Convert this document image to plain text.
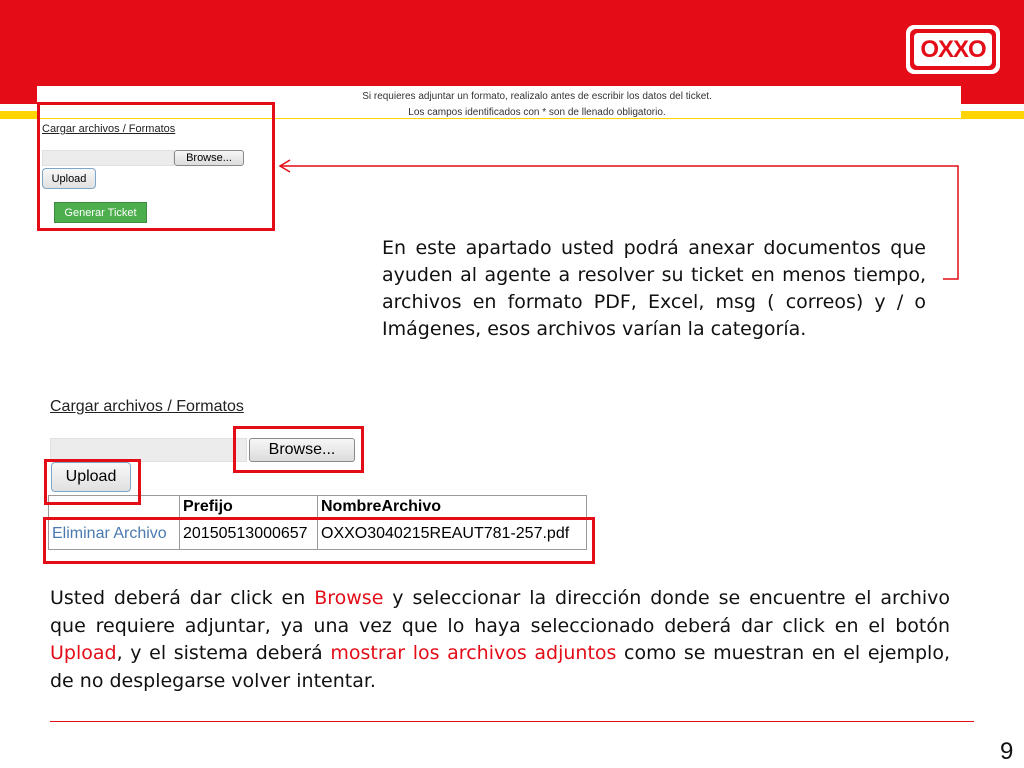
OXXO
Si requieres adjuntar un formato, realizalo antes de escribir los datos del ticket.
Los campos identificados con * son de llenado obligatorio.
Cargar archivos / Formatos
Browse...
Upload
Generar Ticket
En este apartado usted podrá anexar documentos que ayuden al agente a resolver su ticket en menos tiempo, archivos en formato PDF, Excel, msg ( correos) y / o Imágenes, esos archivos varían la categoría.
Cargar archivos / Formatos
Browse...
Upload
	Prefijo	NombreArchivo
Eliminar Archivo	20150513000657	OXXO3040215REAUT781-257.pdf
Usted deberá dar click en Browse y seleccionar la dirección donde se encuentre el archivo que requiere adjuntar, ya una vez que lo haya seleccionado deberá dar click en el botón Upload, y el sistema deberá mostrar los archivos adjuntos como se muestran en el ejemplo, de no desplegarse volver intentar.
9
